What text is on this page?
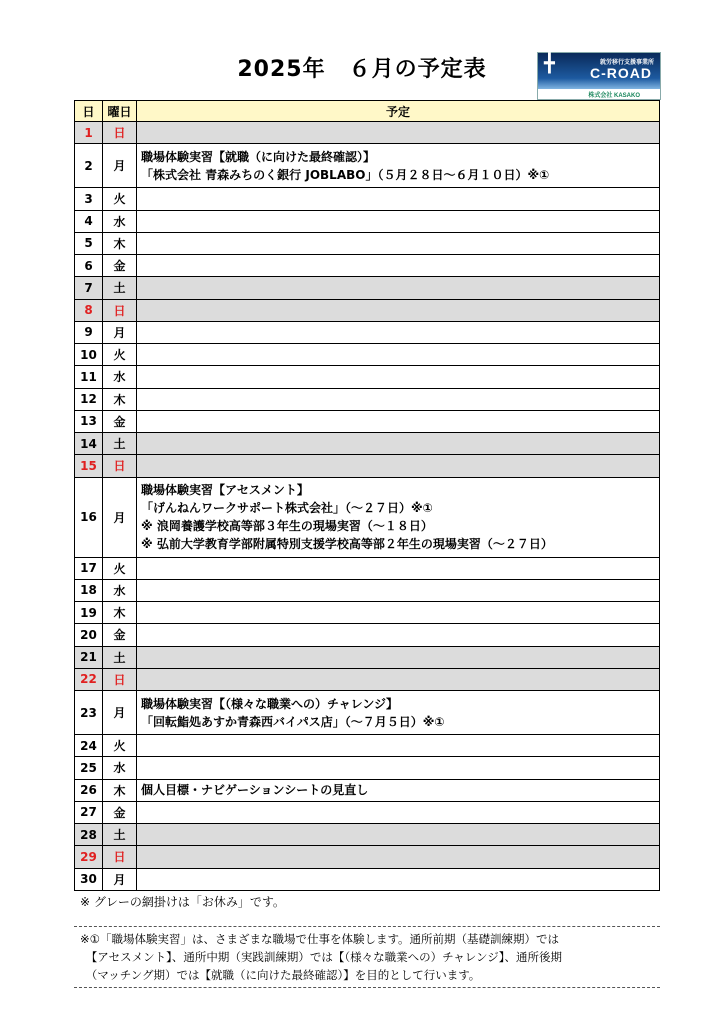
2025年　６月の予定表	╋	就労移行支援事業所
C-ROAD
株式会社 KASAKO
日	曜日	予定
1	日	
2	月	職場体験実習【就職（に向けた最終確認）】
「株式会社 青森みちのく銀行 JOBLABO」（５月２８日～６月１０日）※①

3	火	
4	水	
5	木	
6	金	
7	土	
8	日	
9	月	
10	火	
11	水	
12	木	
13	金	
14	土	
15	日	
16	月	職場体験実習【アセスメント】
「げんねんワークサポート株式会社」（～２７日）※①
※ 浪岡養護学校高等部３年生の現場実習（～１８日）
※ 弘前大学教育学部附属特別支援学校高等部２年生の現場実習（～２７日）

17	火	
18	水	
19	木	
20	金	
21	土	
22	日	
23	月	職場体験実習【（様々な職業への）チャレンジ】
「回転鮨処あすか青森西バイパス店」（～７月５日）※①

24	火	
25	水	
26	木	個人目標・ナビゲーションシートの見直し

27	金	
28	土	
29	日	
30	月	
※ グレーの網掛けは「お休み」です。
※①「職場体験実習」は、さまざまな職場で仕事を体験します。通所前期（基礎訓練期）では
　【アセスメント】、通所中期（実践訓練期）では【（様々な職業への）チャレンジ】、通所後期
　（マッチング期）では【就職（に向けた最終確認）】を目的として行います。
